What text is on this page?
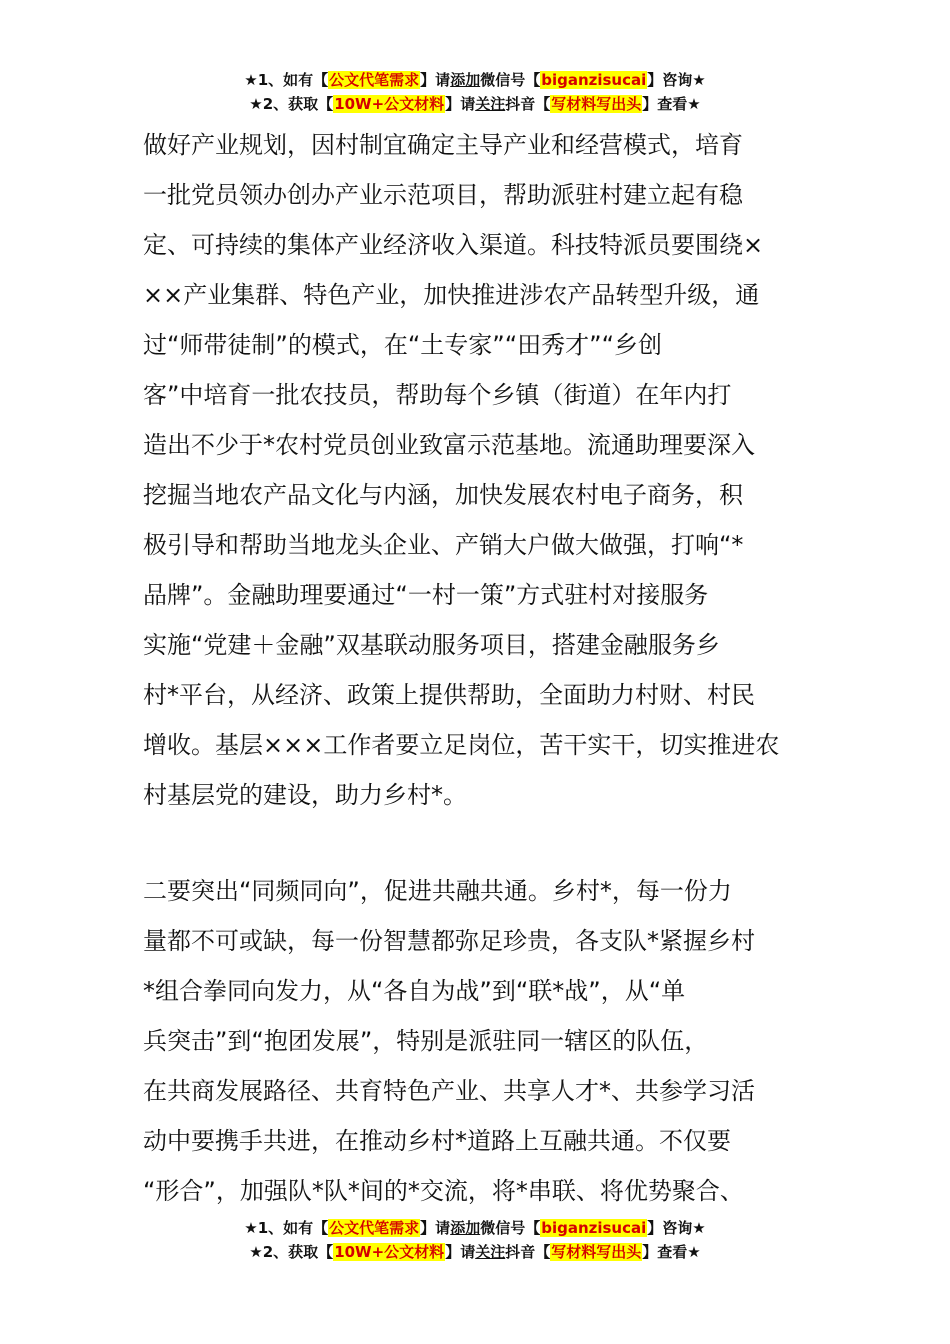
★1、如有【公文代笔需求】请添加微信号【biganzisucai】咨询★
★2、获取【10W+公文材料】请关注抖音【写材料写出头】查看★
做好产业规划，因村制宜确定主导产业和经营模式，培育
一批党员领办创办产业示范项目，帮助派驻村建立起有稳
定、可持续的集体产业经济收入渠道。科技特派员要围绕×
××产业集群、特色产业，加快推进涉农产品转型升级，通
过“师带徒制”的模式，在“土专家”“田秀才”“乡创
客”中培育一批农技员，帮助每个乡镇（街道）在年内打
造出不少于*农村党员创业致富示范基地。流通助理要深入
挖掘当地农产品文化与内涵，加快发展农村电子商务，积
极引导和帮助当地龙头企业、产销大户做大做强，打响“*
品牌”。金融助理要通过“一村一策”方式驻村对接服务
实施“党建＋金融”双基联动服务项目，搭建金融服务乡
村*平台，从经济、政策上提供帮助，全面助力村财、村民
增收。基层×××工作者要立足岗位，苦干实干，切实推进农
村基层党的建设，助力乡村*。
二要突出“同频同向”，促进共融共通。乡村*，每一份力
量都不可或缺，每一份智慧都弥足珍贵，各支队*紧握乡村
*组合拳同向发力，从“各自为战”到“联*战”，从“单
兵突击”到“抱团发展”，特别是派驻同一辖区的队伍，
在共商发展路径、共育特色产业、共享人才*、共参学习活
动中要携手共进，在推动乡村*道路上互融共通。不仅要
“形合”，加强队*队*间的*交流，将*串联、将优势聚合、
★1、如有【公文代笔需求】请添加微信号【biganzisucai】咨询★
★2、获取【10W+公文材料】请关注抖音【写材料写出头】查看★
